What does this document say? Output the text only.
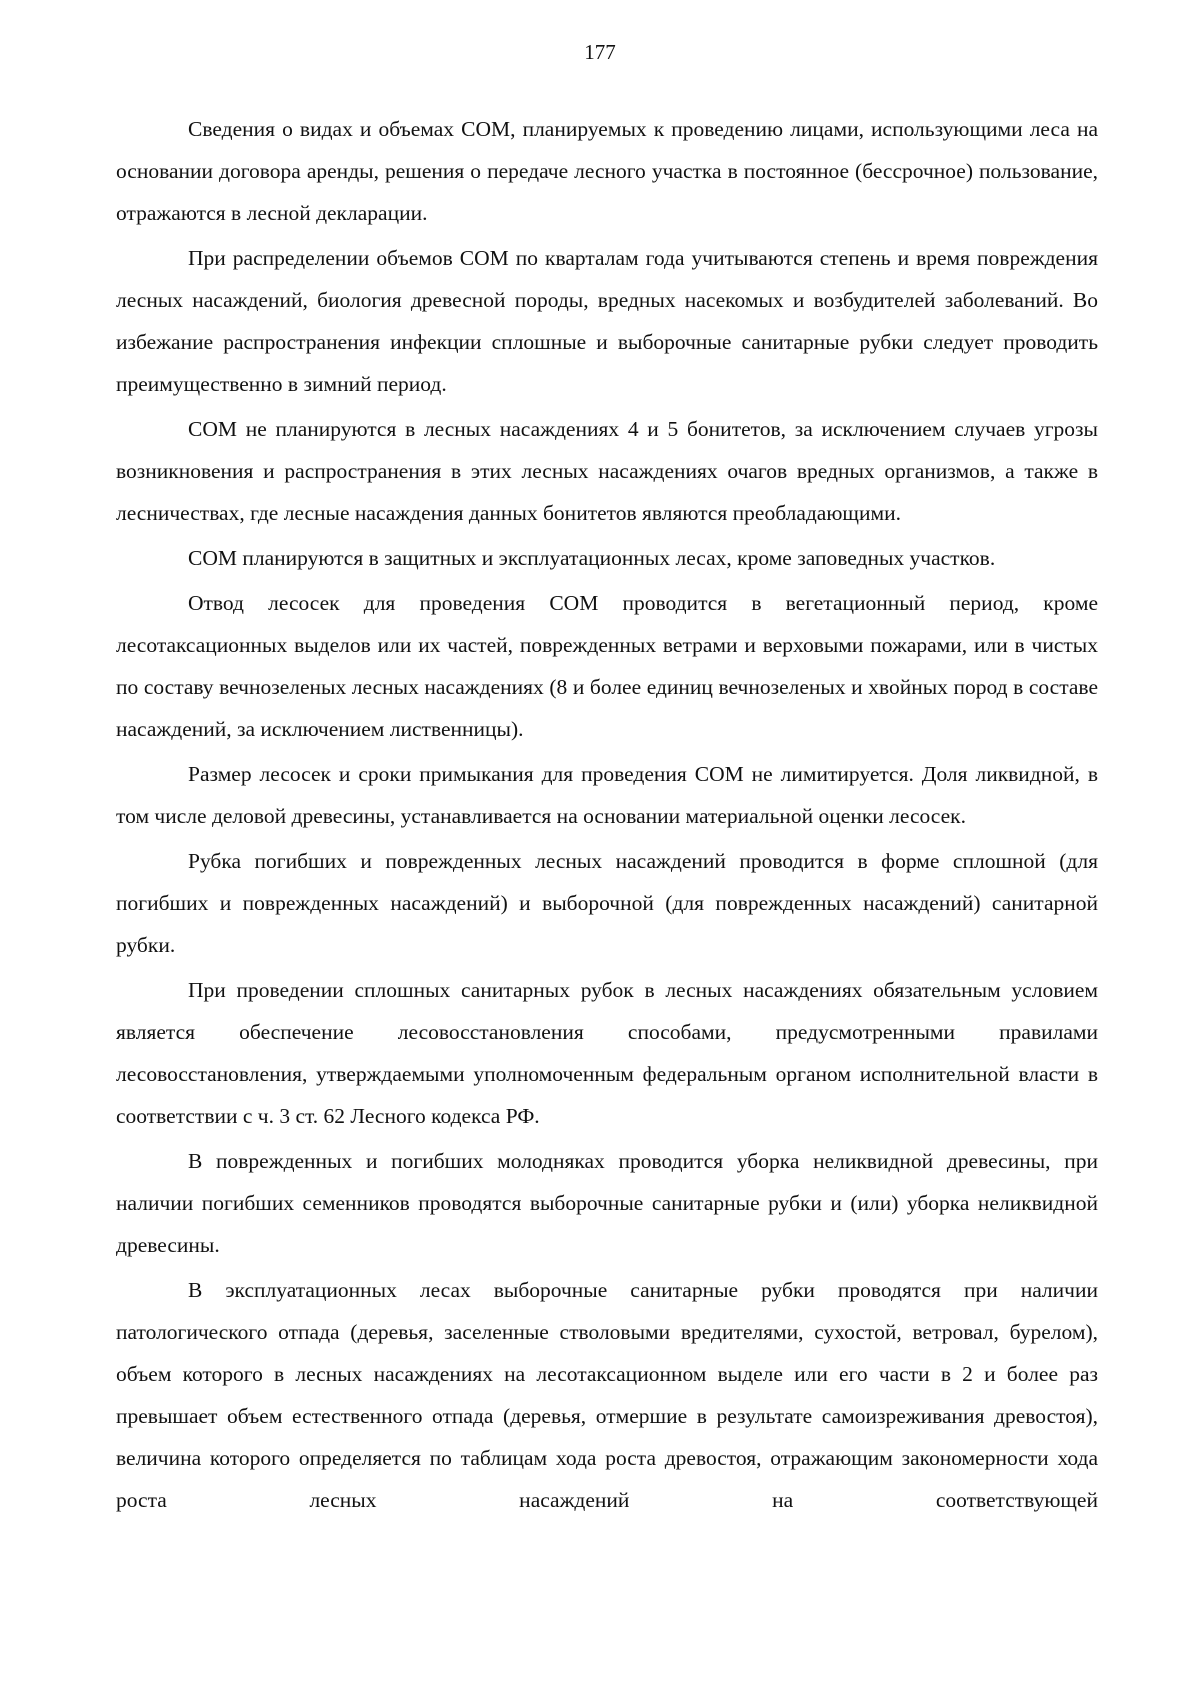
177

Сведения о видах и объемах СОМ, планируемых к проведению лицами, использующими леса на основании договора аренды, решения о передаче лесного участка в постоянное (бессрочное) пользование, отражаются в лесной декларации.

При распределении объемов СОМ по кварталам года учитываются степень и время повреждения лесных насаждений, биология древесной породы, вредных насекомых и возбудителей заболеваний. Во избежание распространения инфекции сплошные и выборочные санитарные рубки следует проводить преимущественно в зимний период.

СОМ не планируются в лесных насаждениях 4 и 5 бонитетов, за исключением случаев угрозы возникновения и распространения в этих лесных насаждениях очагов вредных организмов, а также в лесничествах, где лесные насаждения данных бонитетов являются преобладающими.

СОМ планируются в защитных и эксплуатационных лесах, кроме заповедных участков.

Отвод лесосек для проведения СОМ проводится в вегетационный период, кроме лесотаксационных выделов или их частей, поврежденных ветрами и верховыми пожарами, или в чистых по составу вечнозеленых лесных насаждениях (8 и более единиц вечнозеленых и хвойных пород в составе насаждений, за исключением лиственницы).

Размер лесосек и сроки примыкания для проведения СОМ не лимитируется. Доля ликвидной, в том числе деловой древесины, устанавливается на основании материальной оценки лесосек.

Рубка погибших и поврежденных лесных насаждений проводится в форме сплошной (для погибших и поврежденных насаждений) и выборочной (для поврежденных насаждений) санитарной рубки.

При проведении сплошных санитарных рубок в лесных насаждениях обязательным условием является обеспечение лесовосстановления способами, предусмотренными правилами лесовосстановления, утверждаемыми уполномоченным федеральным органом исполнительной власти в соответствии с ч. 3 ст. 62 Лесного кодекса РФ.

В поврежденных и погибших молодняках проводится уборка неликвидной древесины, при наличии погибших семенников проводятся выборочные санитарные рубки и (или) уборка неликвидной древесины.

В эксплуатационных лесах выборочные санитарные рубки проводятся при наличии патологического отпада (деревья, заселенные стволовыми вредителями, сухостой, ветровал, бурелом), объем которого в лесных насаждениях на лесотаксационном выделе или его части в 2 и более раз превышает объем естественного отпада (деревья, отмершие в результате самоизреживания древостоя), величина которого определяется по таблицам хода роста древостоя, отражающим закономерности хода роста лесных насаждений на соответствующей
